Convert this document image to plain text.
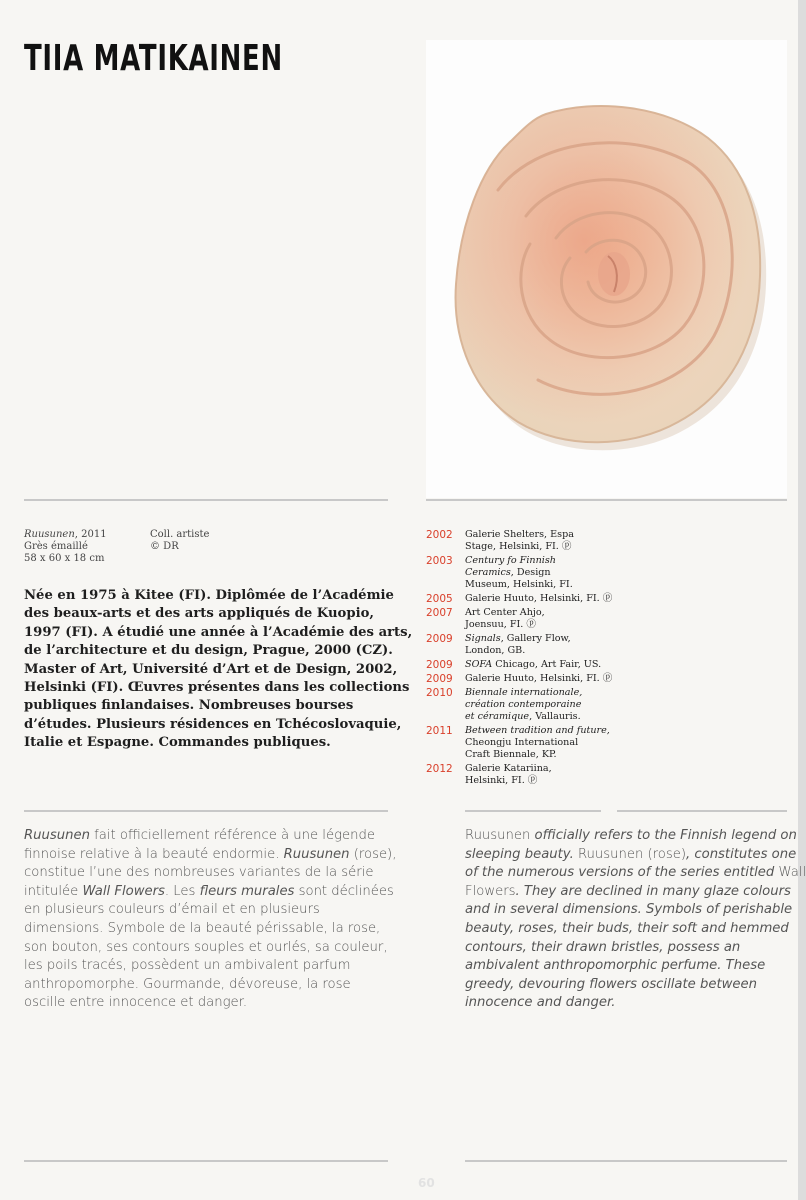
TIIA MATIKAINEN
Ruusunen, 2011
Grès émaillé
58 x 60 x 18 cm
Coll. artiste
© DR
Née en 1975 à Kitee (FI). Diplômée de l’Académie
des beaux-arts et des arts appliqués de Kuopio,
1997 (FI). A étudié une année à l’Académie des arts,
de l’architecture et du design, Prague, 2000 (CZ).
Master of Art, Université d’Art et de Design, 2002,
Helsinki (FI). Œuvres présentes dans les collections
publiques finlandaises. Nombreuses bourses
d’études. Plusieurs résidences en Tchécoslovaquie,
Italie et Espagne. Commandes publiques.
2002	Galerie Shelters, Espa
Stage, Helsinki, FI. ⓟ
2003	Century fo Finnish
Ceramics, Design
Museum, Helsinki, FI.
2005	Galerie Huuto, Helsinki, FI. ⓟ
2007	Art Center Ahjo,
Joensuu, FI. ⓟ
2009	Signals, Gallery Flow,
London, GB.
2009	SOFA Chicago, Art Fair, US.
2009	Galerie Huuto, Helsinki, FI. ⓟ
2010	Biennale internationale,
création contemporaine
et céramique, Vallauris.
2011	Between tradition and future,
Cheongju International
Craft Biennale, KP.
2012	Galerie Katariina,
Helsinki, FI. ⓟ
Ruusunen fait officiellement référence à une légende
finnoise relative à la beauté endormie. Ruusunen (rose),
constitue l’une des nombreuses variantes de la série
intitulée Wall Flowers. Les fleurs murales sont déclinées
en plusieurs couleurs d’émail et en plusieurs
dimensions. Symbole de la beauté périssable, la rose,
son bouton, ses contours souples et ourlés, sa couleur,
les poils tracés, possèdent un ambivalent parfum
anthropomorphe. Gourmande, dévoreuse, la rose
oscille entre innocence et danger.
Ruusunen officially refers to the Finnish legend on
sleeping beauty. Ruusunen (rose), constitutes one
of the numerous versions of the series entitled Wall
Flowers. They are declined in many glaze colours
and in several dimensions. Symbols of perishable
beauty, roses, their buds, their soft and hemmed
contours, their drawn bristles, possess an
ambivalent anthropomorphic perfume. These
greedy, devouring flowers oscillate between
innocence and danger.
60
